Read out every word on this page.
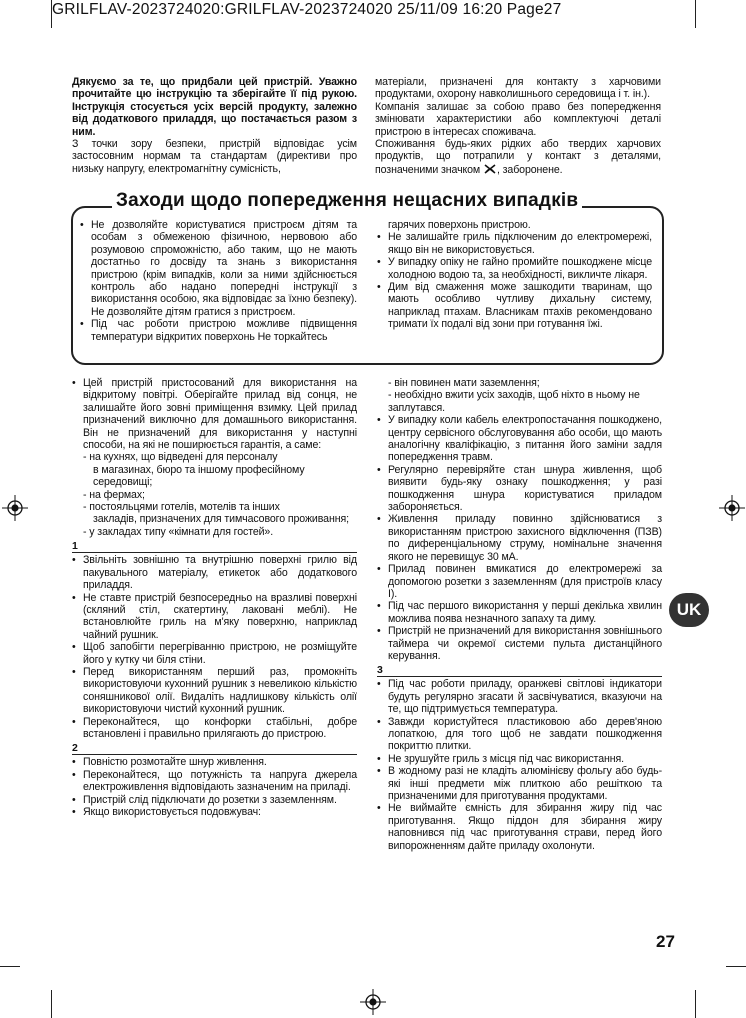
GRILFLAV-2023724020:GRILFLAV-2023724020 25/11/09 16:20 Page27

Дякуємо за те, що придбали цей пристрій. Уважно прочитайте цю інструкцію та зберігайте її під рукою. Інструкція стосується усіх версій продукту, залежно від додаткового приладдя, що постачається разом з ним.

З точки зору безпеки, пристрій відповідає усім застосовним нормам та стандартам (директиви про низьку напругу, електромагнітну сумісність,

матеріали, призначені для контакту з харчовими продуктами, охорону навколишнього середовища і т. ін.).

Компанія залишає за собою право без попередження змінювати характеристики або комплектуючі деталі пристрою в інтересах споживача.

Споживання будь-яких рідких або твердих харчових продуктів, що потрапили у контакт з деталями, позначеними значком , заборонене.

Заходи щодо попередження нещасних випадків
• Не дозволяйте користуватися пристроєм дітям та особам з обмеженою фізичною, нервовою або розумовою спроможністю, або таким, що не мають достатньо го досвіду та знань з використання пристрою (крім випадків, коли за ними здійснюється контроль або надано попередні інструкції з використання особою, яка відповідає за їхню безпеку). Не дозволяйте дітям гратися з пристроєм.
• Під час роботи пристрою можливе підвищення температури відкритих поверхонь Не торкайтесь

гарячих поверхонь пристрою.

• Не залишайте гриль підключеним до електромережі, якщо він не використовується.
• У випадку опіку не гайно промийте пошкоджене місце холодною водою та, за необхідності, викличте лікаря.
• Дим від смаження може зашкодити тваринам, що мають особливо чутливу дихальну систему, наприклад птахам. Власникам птахів рекомендовано тримати їх подалі від зони при готування їжі.
• Цей пристрій пристосований для використання на відкритому повітрі. Оберігайте прилад від сонця, не залишайте його зовні приміщення взимку. Цей прилад призначений виключно для домашнього використання. Він не призначений для використання у наступні способи, на які не поширюється гарантія, а саме:

- на кухнях, що відведені для персоналу

в магазинах, бюро та іншому професійному середовищі;

- на фермах;

- постояльцями готелів, мотелів та інших

закладів, призначених для тимчасового проживання;

- у закладах типу «кімнати для гостей».

1
• Звільніть зовнішню та внутрішню поверхні грилю від пакувального матеріалу, етикеток або додаткового приладдя.
• Не ставте пристрій безпосередньо на вразливі поверхні (скляний стіл, скатертину, лаковані меблі). Не встановлюйте гриль на м'яку поверхню, наприклад чайний рушник.
• Щоб запобігти перегріванню пристрою, не розміщуйте його у кутку чи біля стіни.
• Перед використанням перший раз, промокніть використовуючи кухонний рушник з невеликою кількістю соняшникової олії. Видаліть надлишкову кількість олії використовуючи чистий кухонний рушник.
• Переконайтеся, що конфорки стабільні, добре встановлені і правильно прилягають до пристрою.
2
• Повністю розмотайте шнур живлення.
• Переконайтеся, що потужність та напруга джерела електроживлення відповідають зазначеним на приладі.
• Пристрій слід підключати до розетки з заземленням.
• Якщо використовується подовжувач:

- він повинен мати заземлення;

- необхідно вжити усіх заходів, щоб ніхто в ньому не заплутався.

• У випадку коли кабель електропостачання пошкоджено, центру сервісного обслуговування або особи, що мають аналогічну кваліфікацію, з питання його заміни задля попередження травм.
• Регулярно перевіряйте стан шнура живлення, щоб виявити будь-яку ознаку пошкодження; у разі пошкодження шнура користуватися приладом забороняється.
• Живлення приладу повинно здійснюватися з використанням пристрою захисного відключення (ПЗВ) по диференціальному струму, номінальне значення якого не перевищує 30 мА.
• Прилад повинен вмикатися до електромережі за допомогою розетки з заземленням (для пристроїв класу I).
• Під час першого використання у перші декілька хвилин можлива поява незначного запаху та диму.
• Пристрій не призначений для використання зовнішнього таймера чи окремої системи пульта дистанційного керування.
3
• Під час роботи приладу, оранжеві світлові індикатори будуть регулярно згасати й засвічуватися, вказуючи на те, що підтримується температура.
• Завжди користуйтеся пластиковою або дерев'яною лопаткою, для того щоб не завдати пошкодження покриттю плитки.
• Не зрушуйте гриль з місця під час використання.
• В жодному разі не кладіть алюмінієву фольгу або будь-які інші предмети між плиткою або решіткою та призначеними для приготування продуктами.
• Не виймайте ємність для збирання жиру під час приготування. Якщо піддон для збирання жиру наповнився під час приготування страви, перед його випорожненням дайте приладу охолонути.
UK
27
